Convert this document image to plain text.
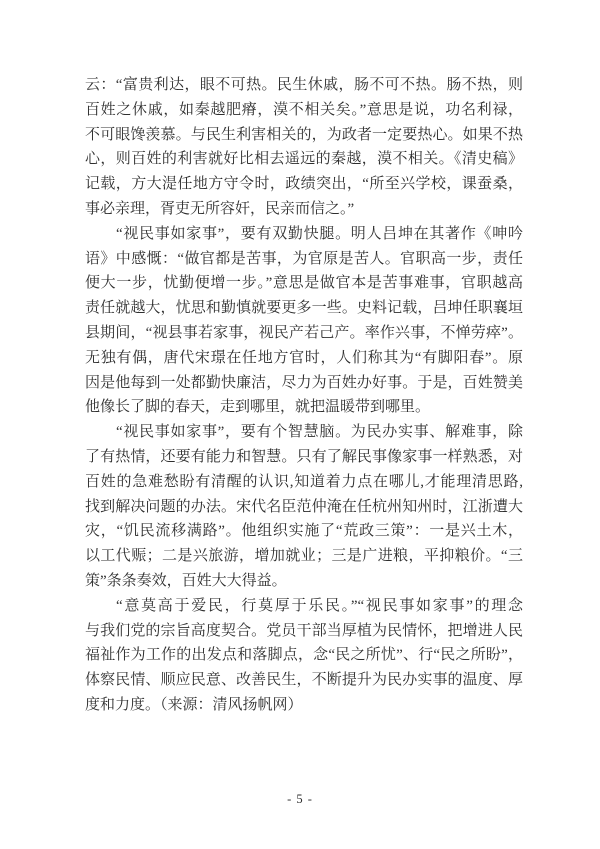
云：“富贵利达，眼不可热。民生休戚，肠不可不热。肠不热，则
百姓之休戚，如秦越肥瘠，漠不相关矣。”意思是说，功名利禄，
不可眼馋羡慕。与民生利害相关的，为政者一定要热心。如果不热
心，则百姓的利害就好比相去遥远的秦越，漠不相关。《清史稿》
记载，方大湜任地方守令时，政绩突出，“所至兴学校，课蚕桑，
事必亲理，胥吏无所容奸，民亲而信之。”
“视民事如家事”，要有双勤快腿。明人吕坤在其著作《呻吟
语》中感慨：“做官都是苦事，为官原是苦人。官职高一步，责任
便大一步，忧勤便增一步。”意思是做官本是苦事难事，官职越高
责任就越大，忧思和勤慎就要更多一些。史料记载，吕坤任职襄垣
县期间，“视县事若家事，视民产若己产。率作兴事，不惮劳瘁”。
无独有偶，唐代宋璟在任地方官时，人们称其为“有脚阳春”。原
因是他每到一处都勤快廉洁，尽力为百姓办好事。于是，百姓赞美
他像长了脚的春天，走到哪里，就把温暖带到哪里。
“视民事如家事”，要有个智慧脑。为民办实事、解难事，除
了有热情，还要有能力和智慧。只有了解民事像家事一样熟悉，对
百姓的急难愁盼有清醒的认识,知道着力点在哪儿,才能理清思路,
找到解决问题的办法。宋代名臣范仲淹在任杭州知州时，江浙遭大
灾，“饥民流移满路”。他组织实施了“荒政三策”：一是兴土木，
以工代赈；二是兴旅游，增加就业；三是广进粮，平抑粮价。“三
策”条条奏效，百姓大大得益。
“意莫高于爱民，行莫厚于乐民。”“视民事如家事”的理念
与我们党的宗旨高度契合。党员干部当厚植为民情怀，把增进人民
福祉作为工作的出发点和落脚点，念“民之所忧”、行“民之所盼”，
体察民情、顺应民意、改善民生，不断提升为民办实事的温度、厚
度和力度。（来源：清风扬帆网）
- 5 -
